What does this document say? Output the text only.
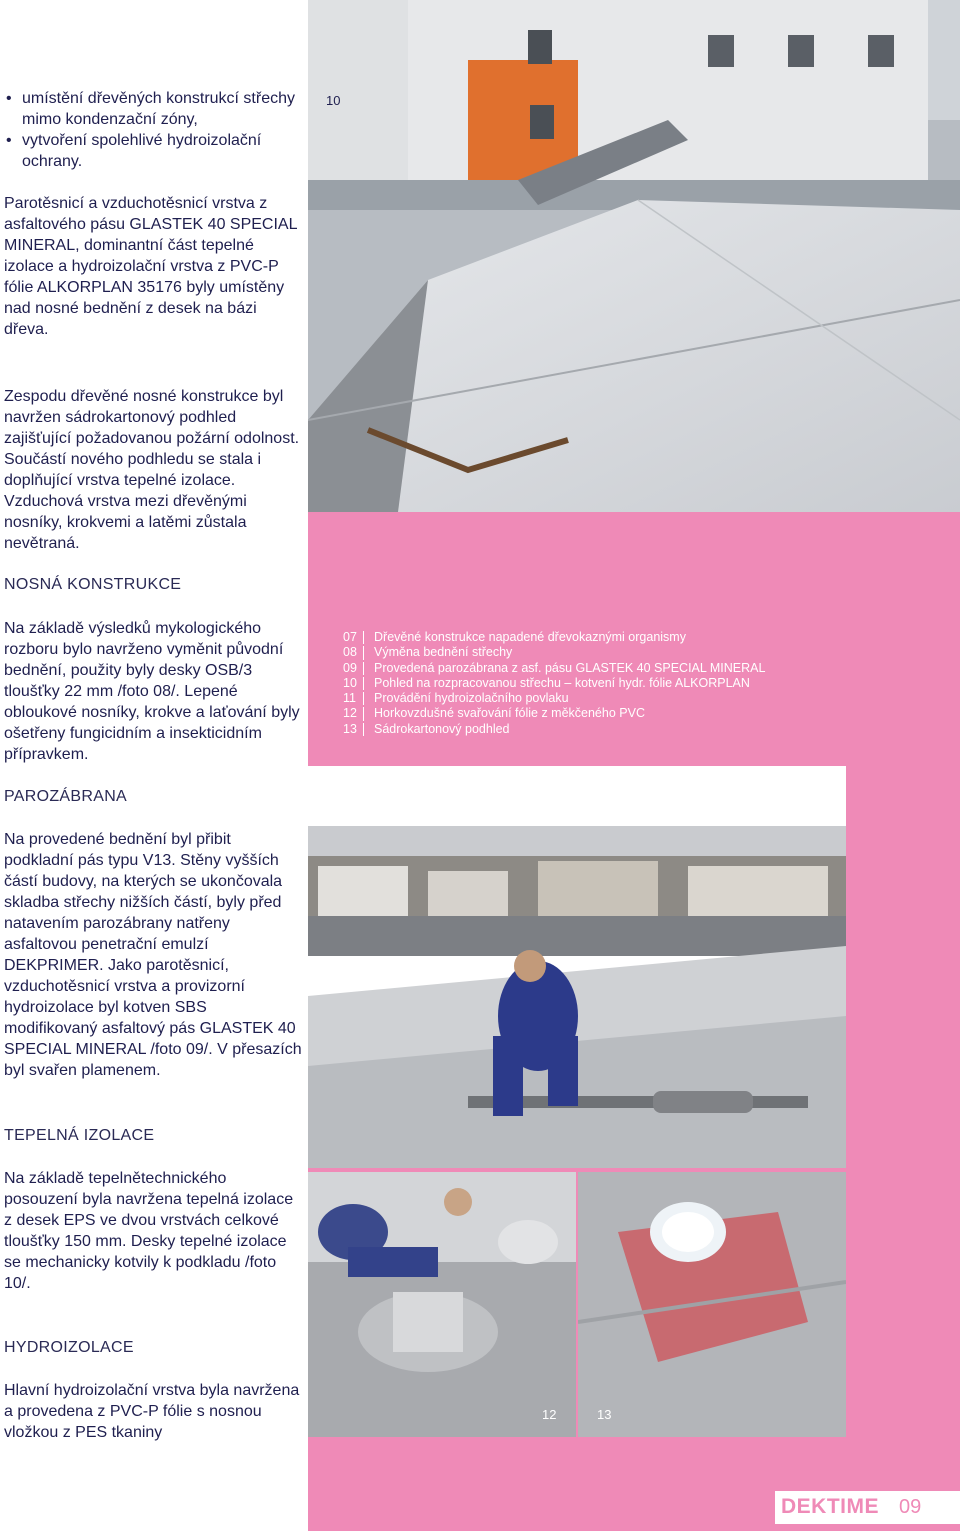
• umístění dřevěných konstrukcí střechy mimo kondenzační zóny,
• vytvoření spolehlivé hydroizolační ochrany.

Parotěsnicí a vzduchotěsnicí vrstva z asfaltového pásu GLASTEK 40 SPECIAL MINERAL, dominantní část tepelné izolace a hydroizolační vrstva z PVC-P fólie ALKORPLAN 35176 byly umístěny nad nosné bednění z desek na bázi dřeva.

Zespodu dřevěné nosné konstrukce byl navržen sádrokartonový podhled zajišťující požadovanou požární odolnost. Součástí nového podhledu se stala i doplňující vrstva tepelné izolace. Vzduchová vrstva mezi dřevěnými nosníky, krokvemi a latěmi zůstala nevětraná.

NOSNÁ KONSTRUKCE

Na základě výsledků mykologického rozboru bylo navrženo vyměnit původní bednění, použity byly desky OSB/3 tloušťky 22 mm /foto 08/. Lepené obloukové nosníky, krokve a laťování byly ošetřeny fungicidním a insekticidním přípravkem.

PAROZÁBRANA

Na provedené bednění byl přibit podkladní pás typu V13. Stěny vyšších částí budovy, na kterých se ukončovala skladba střechy nižších částí, byly před natavením parozábrany natřeny asfaltovou penetrační emulzí DEKPRIMER. Jako parotěsnicí, vzduchotěsnicí vrstva a provizorní hydroizolace byl kotven SBS modifikovaný asfaltový pás GLASTEK 40 SPECIAL MINERAL /foto 09/. V přesazích byl svařen plamenem.

TEPELNÁ IZOLACE

Na základě tepelnětechnického posouzení byla navržena tepelná izolace z desek EPS ve dvou vrstvách celkové tloušťky 150 mm. Desky tepelné izolace se mechanicky kotvily k podkladu /foto 10/.

HYDROIZOLACE

Hlavní hydroizolační vrstva byla navržena a provedena z PVC-P fólie s nosnou vložkou z PES tkaniny

10
07	Dřevěné konstrukce napadené dřevokaznými organismy
08	Výměna bednění střechy
09	Provedená parozábrana z asf. pásu GLASTEK 40 SPECIAL MINERAL
10	Pohled na rozpracovanou střechu – kotvení hydr. fólie ALKORPLAN
11	Provádění hydroizolačního povlaku
12	Horkovzdušné svařování fólie z měkčeného PVC
13	Sádrokartonový podhled
12	13
DEKTIME 09
